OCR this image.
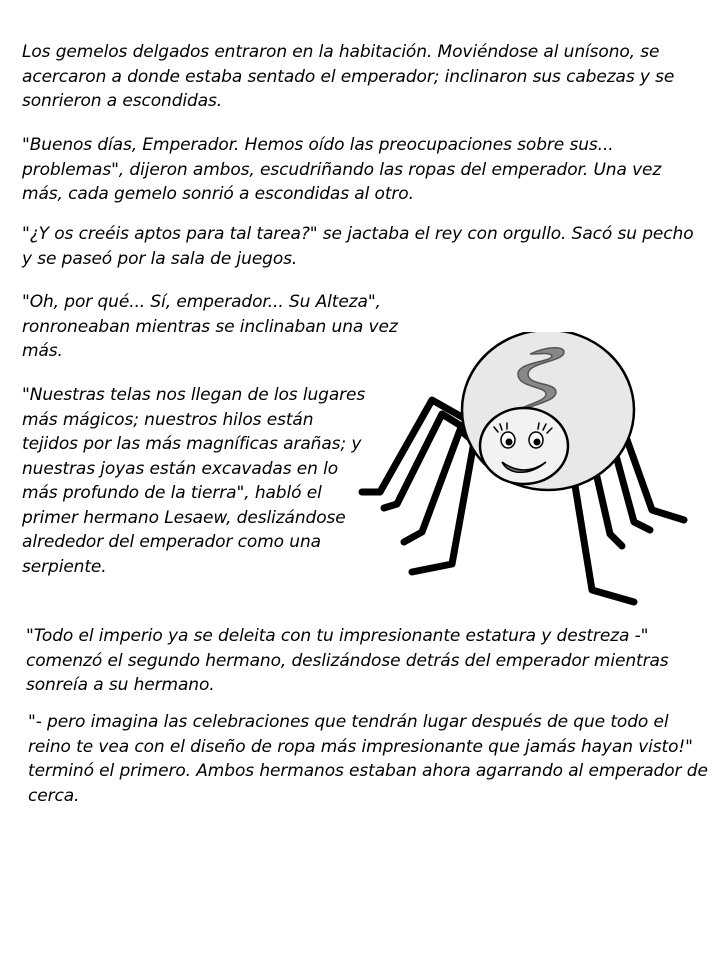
Los gemelos delgados entraron en la habitación. Moviéndose al unísono, se acercaron a donde estaba sentado el emperador; inclinaron sus cabezas y se sonrieron a escondidas.

"Buenos días, Emperador. Hemos oído las preocupaciones sobre sus... problemas", dijeron ambos, escudriñando las ropas del emperador. Una vez más, cada gemelo sonrió a escondidas al otro.

"¿Y os creéis aptos para tal tarea?" se jactaba el rey con orgullo. Sacó su pecho y se paseó por la sala de juegos.

"Oh, por qué... Sí, emperador... Su Alteza", ronroneaban mientras se inclinaban una vez más.

"Nuestras telas nos llegan de los lugares más mágicos; nuestros hilos están tejidos por las más magníficas arañas; y nuestras joyas están excavadas en lo más profundo de la tierra", habló el primer hermano Lesaew, deslizándose alrededor del emperador como una serpiente.

"Todo el imperio ya se deleita con tu impresionante estatura y destreza -" comenzó el segundo hermano, deslizándose detrás del emperador mientras sonreía a su hermano.

"- pero imagina las celebraciones que tendrán lugar después de que todo el reino te vea con el diseño de ropa más impresionante que jamás hayan visto!" terminó el primero. Ambos hermanos estaban ahora agarrando al emperador de cerca.
